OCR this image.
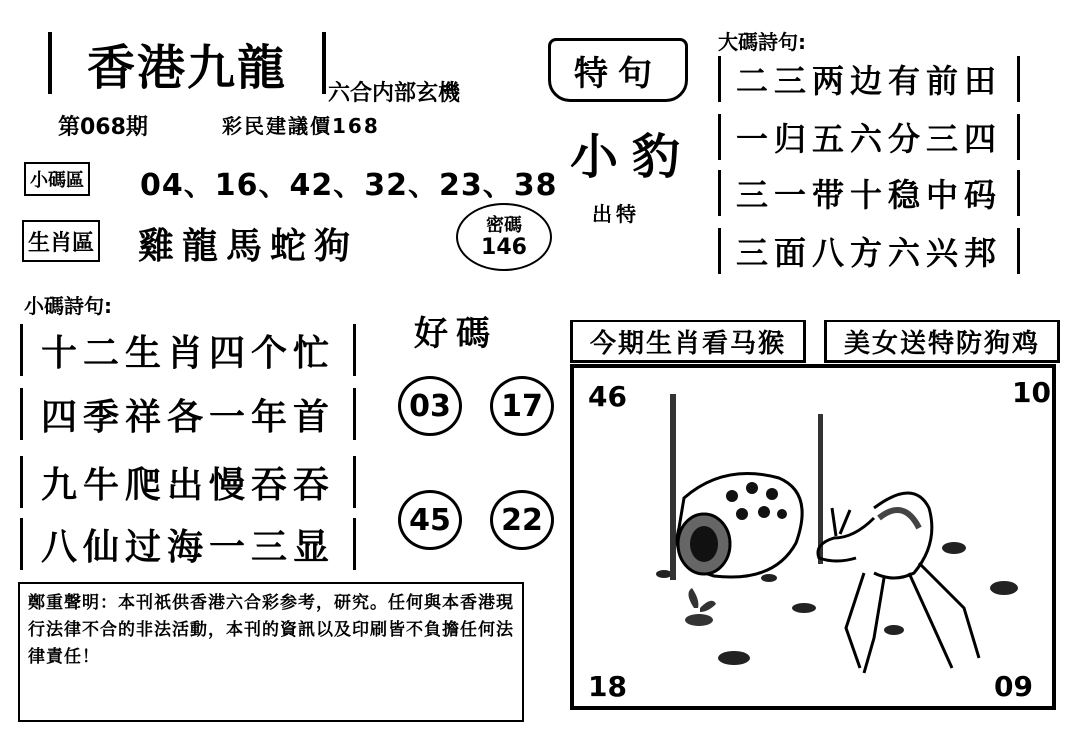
香港九龍	六合内部玄機
第068期	彩民建議價168
小碼區 04、16、42、32、23、38
生肖區 雞龍馬蛇狗
密碼
146
特句
小豹
出特
大碼詩句:
二三两边有前田
一归五六分三四
三一带十稳中码
三面八方六兴邦
小碼詩句:
十二生肖四个忙
四季祥各一年首
九牛爬出慢吞吞
八仙过海一三显
好碼
03	17
45	22
今期生肖看马猴	美女送特防狗鸡
46	10
18	09
鄭重聲明：本刊祇供香港六合彩参考，研究。任何與本香港現行法律不合的非法活動，本刊的資訊以及印刷皆不負擔任何法律責任！
